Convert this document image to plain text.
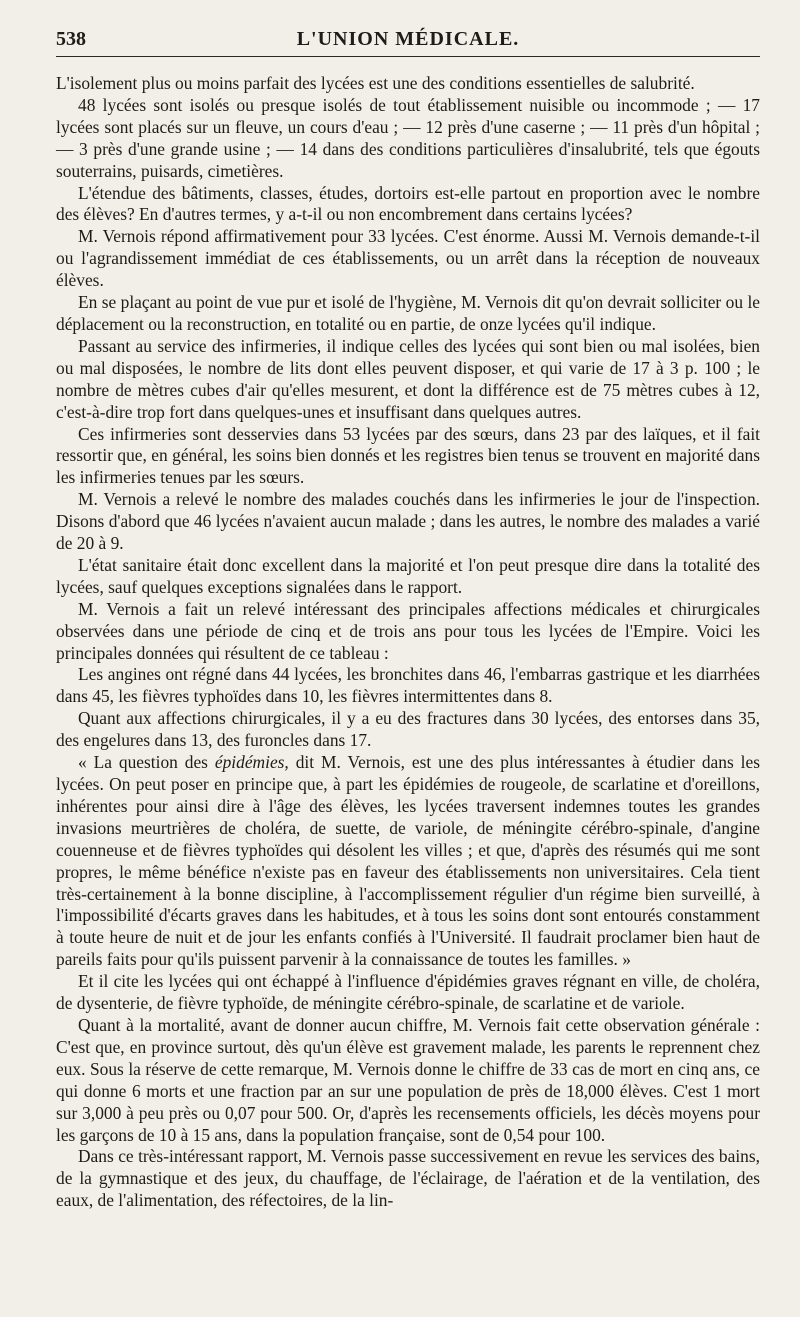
538	L'UNION MÉDICALE.

L'isolement plus ou moins parfait des lycées est une des conditions essentielles de salubrité.

48 lycées sont isolés ou presque isolés de tout établissement nuisible ou incommode ; — 17 lycées sont placés sur un fleuve, un cours d'eau ; — 12 près d'une caserne ; — 11 près d'un hôpital ; — 3 près d'une grande usine ; — 14 dans des conditions particulières d'insalubrité, tels que égouts souterrains, puisards, cimetières.

L'étendue des bâtiments, classes, études, dortoirs est-elle partout en proportion avec le nombre des élèves? En d'autres termes, y a-t-il ou non encombrement dans certains lycées?

M. Vernois répond affirmativement pour 33 lycées. C'est énorme. Aussi M. Vernois demande-t-il ou l'agrandissement immédiat de ces établissements, ou un arrêt dans la réception de nouveaux élèves.

En se plaçant au point de vue pur et isolé de l'hygiène, M. Vernois dit qu'on devrait solliciter ou le déplacement ou la reconstruction, en totalité ou en partie, de onze lycées qu'il indique.

Passant au service des infirmeries, il indique celles des lycées qui sont bien ou mal isolées, bien ou mal disposées, le nombre de lits dont elles peuvent disposer, et qui varie de 17 à 3 p. 100 ; le nombre de mètres cubes d'air qu'elles mesurent, et dont la différence est de 75 mètres cubes à 12, c'est-à-dire trop fort dans quelques-unes et insuffisant dans quelques autres.

Ces infirmeries sont desservies dans 53 lycées par des sœurs, dans 23 par des laïques, et il fait ressortir que, en général, les soins bien donnés et les registres bien tenus se trouvent en majorité dans les infirmeries tenues par les sœurs.

M. Vernois a relevé le nombre des malades couchés dans les infirmeries le jour de l'inspection. Disons d'abord que 46 lycées n'avaient aucun malade ; dans les autres, le nombre des malades a varié de 20 à 9.

L'état sanitaire était donc excellent dans la majorité et l'on peut presque dire dans la totalité des lycées, sauf quelques exceptions signalées dans le rapport.

M. Vernois a fait un relevé intéressant des principales affections médicales et chirurgicales observées dans une période de cinq et de trois ans pour tous les lycées de l'Empire. Voici les principales données qui résultent de ce tableau :

Les angines ont régné dans 44 lycées, les bronchites dans 46, l'embarras gastrique et les diarrhées dans 45, les fièvres typhoïdes dans 10, les fièvres intermittentes dans 8.

Quant aux affections chirurgicales, il y a eu des fractures dans 30 lycées, des entorses dans 35, des engelures dans 13, des furoncles dans 17.

« La question des épidémies, dit M. Vernois, est une des plus intéressantes à étudier dans les lycées. On peut poser en principe que, à part les épidémies de rougeole, de scarlatine et d'oreillons, inhérentes pour ainsi dire à l'âge des élèves, les lycées traversent indemnes toutes les grandes invasions meurtrières de choléra, de suette, de variole, de méningite cérébro-spinale, d'angine couenneuse et de fièvres typhoïdes qui désolent les villes ; et que, d'après des résumés qui me sont propres, le même bénéfice n'existe pas en faveur des établissements non universitaires. Cela tient très-certainement à la bonne discipline, à l'accomplissement régulier d'un régime bien surveillé, à l'impossibilité d'écarts graves dans les habitudes, et à tous les soins dont sont entourés constamment à toute heure de nuit et de jour les enfants confiés à l'Université. Il faudrait proclamer bien haut de pareils faits pour qu'ils puissent parvenir à la connaissance de toutes les familles. »

Et il cite les lycées qui ont échappé à l'influence d'épidémies graves régnant en ville, de choléra, de dysenterie, de fièvre typhoïde, de méningite cérébro-spinale, de scarlatine et de variole.

Quant à la mortalité, avant de donner aucun chiffre, M. Vernois fait cette observation générale : C'est que, en province surtout, dès qu'un élève est gravement malade, les parents le reprennent chez eux. Sous la réserve de cette remarque, M. Vernois donne le chiffre de 33 cas de mort en cinq ans, ce qui donne 6 morts et une fraction par an sur une population de près de 18,000 élèves. C'est 1 mort sur 3,000 à peu près ou 0,07 pour 500. Or, d'après les recensements officiels, les décès moyens pour les garçons de 10 à 15 ans, dans la population française, sont de 0,54 pour 100.

Dans ce très-intéressant rapport, M. Vernois passe successivement en revue les services des bains, de la gymnastique et des jeux, du chauffage, de l'éclairage, de l'aération et de la ventilation, des eaux, de l'alimentation, des réfectoires, de la lin-
